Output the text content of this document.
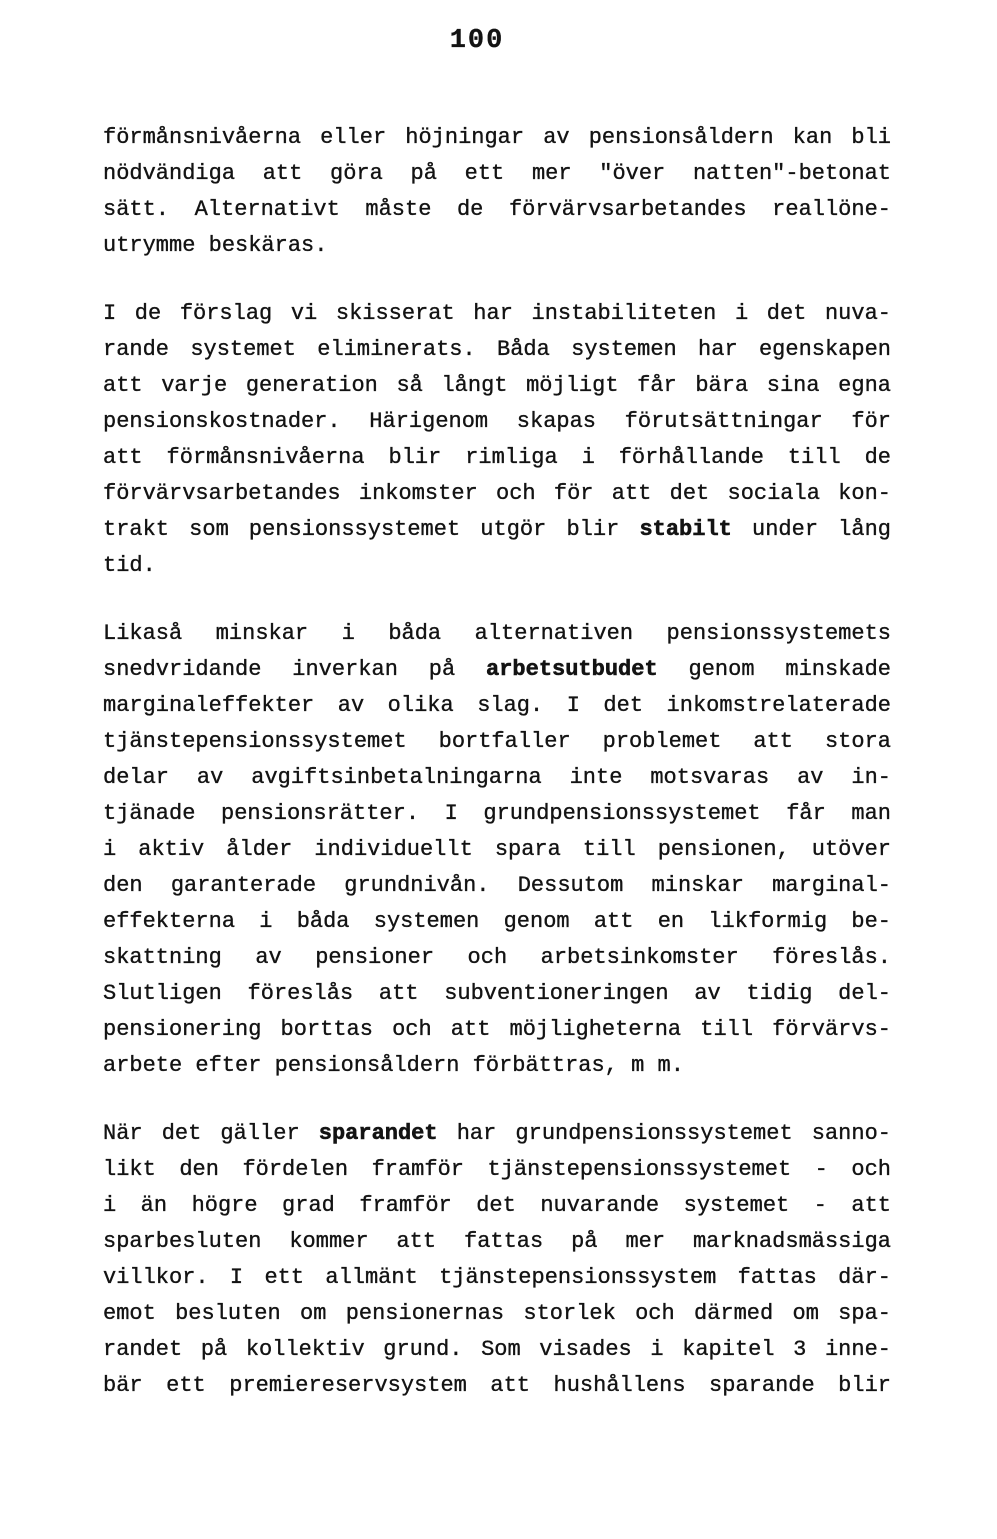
100

förmånsnivåerna eller höjningar av pensionsåldern kan bli
nödvändiga att göra på ett mer "över natten"-betonat
sätt. Alternativt måste de förvärvsarbetandes reallöne-
utrymme beskäras.

I de förslag vi skisserat har instabiliteten i det nuva-
rande systemet eliminerats. Båda systemen har egenskapen
att varje generation så långt möjligt får bära sina egna
pensionskostnader. Härigenom skapas förutsättningar för
att förmånsnivåerna blir rimliga i förhållande till de
förvärvsarbetandes inkomster och för att det sociala kon-
trakt som pensionssystemet utgör blir stabilt under lång
tid.

Likaså minskar i båda alternativen pensionssystemets
snedvridande inverkan på arbetsutbudet genom minskade
marginaleffekter av olika slag. I det inkomstrelaterade
tjänstepensionssystemet bortfaller problemet att stora
delar av avgiftsinbetalningarna inte motsvaras av in-
tjänade pensionsrätter. I grundpensionssystemet får man
i aktiv ålder individuellt spara till pensionen, utöver
den garanterade grundnivån. Dessutom minskar marginal-
effekterna i båda systemen genom att en likformig be-
skattning av pensioner och arbetsinkomster föreslås.
Slutligen föreslås att subventioneringen av tidig del-
pensionering borttas och att möjligheterna till förvärvs-
arbete efter pensionsåldern förbättras, m m.

När det gäller sparandet har grundpensionssystemet sanno-
likt den fördelen framför tjänstepensionssystemet - och
i än högre grad framför det nuvarande systemet - att
sparbesluten kommer att fattas på mer marknadsmässiga
villkor. I ett allmänt tjänstepensionssystem fattas där-
emot besluten om pensionernas storlek och därmed om spa-
randet på kollektiv grund. Som visades i kapitel 3 inne-
bär ett premiereservsystem att hushållens sparande blir
